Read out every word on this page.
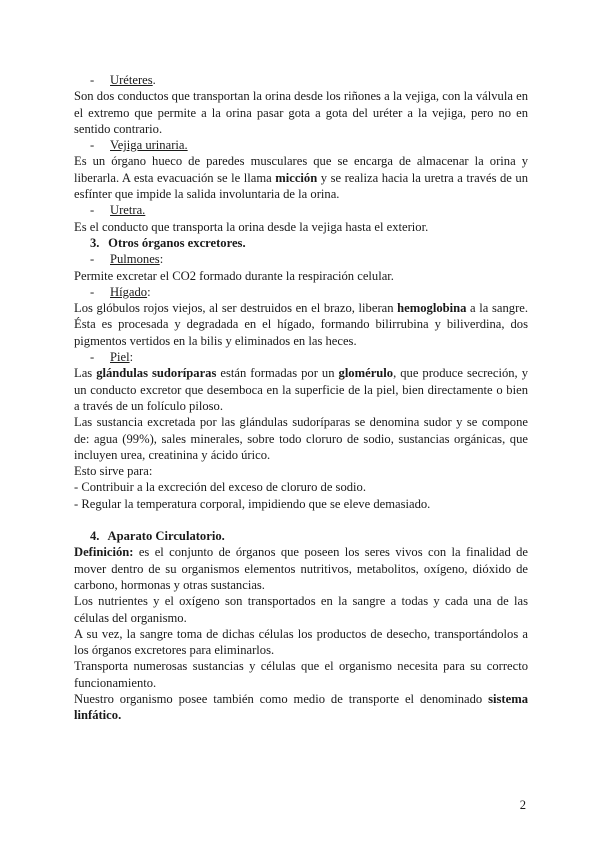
- Uréteres.

Son dos conductos que transportan la orina desde los riñones a la vejiga, con la válvula en el extremo que permite a la orina pasar gota a gota del uréter a la vejiga, pero no en sentido contrario.

- Vejiga urinaria.

Es un órgano hueco de paredes musculares que se encarga de almacenar la orina y liberarla. A esta evacuación se le llama micción y se realiza hacia la uretra a través de un esfínter que impide la salida involuntaria de la orina.

- Uretra.

Es el conducto que transporta la orina desde la vejiga hasta el exterior.

3. Otros órganos excretores.

- Pulmones:

Permite excretar el CO2 formado durante la respiración celular.

- Hígado:

Los glóbulos rojos viejos, al ser destruidos en el brazo, liberan hemoglobina a la sangre. Ésta es procesada y degradada en el hígado, formando bilirrubina y biliverdina, dos pigmentos vertidos en la bilis y eliminados en las heces.

- Piel:

Las glándulas sudoríparas están formadas por un glomérulo, que produce secreción, y un conducto excretor que desemboca en la superficie de la piel, bien directamente o bien a través de un folículo piloso.

Las sustancia excretada por las glándulas sudoríparas se denomina sudor y se compone de: agua (99%), sales minerales, sobre todo cloruro de sodio, sustancias orgánicas, que incluyen urea, creatinina y ácido úrico.

Esto sirve para:

- Contribuir a la excreción del exceso de cloruro de sodio.

- Regular la temperatura corporal, impidiendo que se eleve demasiado.

4. Aparato Circulatorio.

Definición: es el conjunto de órganos que poseen los seres vivos con la finalidad de mover dentro de su organismos elementos nutritivos, metabolitos, oxígeno, dióxido de carbono, hormonas y otras sustancias.

Los nutrientes y el oxígeno son transportados en la sangre a todas y cada una de las células del organismo.

A su vez, la sangre toma de dichas células los productos de desecho, transportándolos a los órganos excretores para eliminarlos.

Transporta numerosas sustancias y células que el organismo necesita para su correcto funcionamiento.

Nuestro organismo posee también como medio de transporte el denominado sistema linfático.

2
